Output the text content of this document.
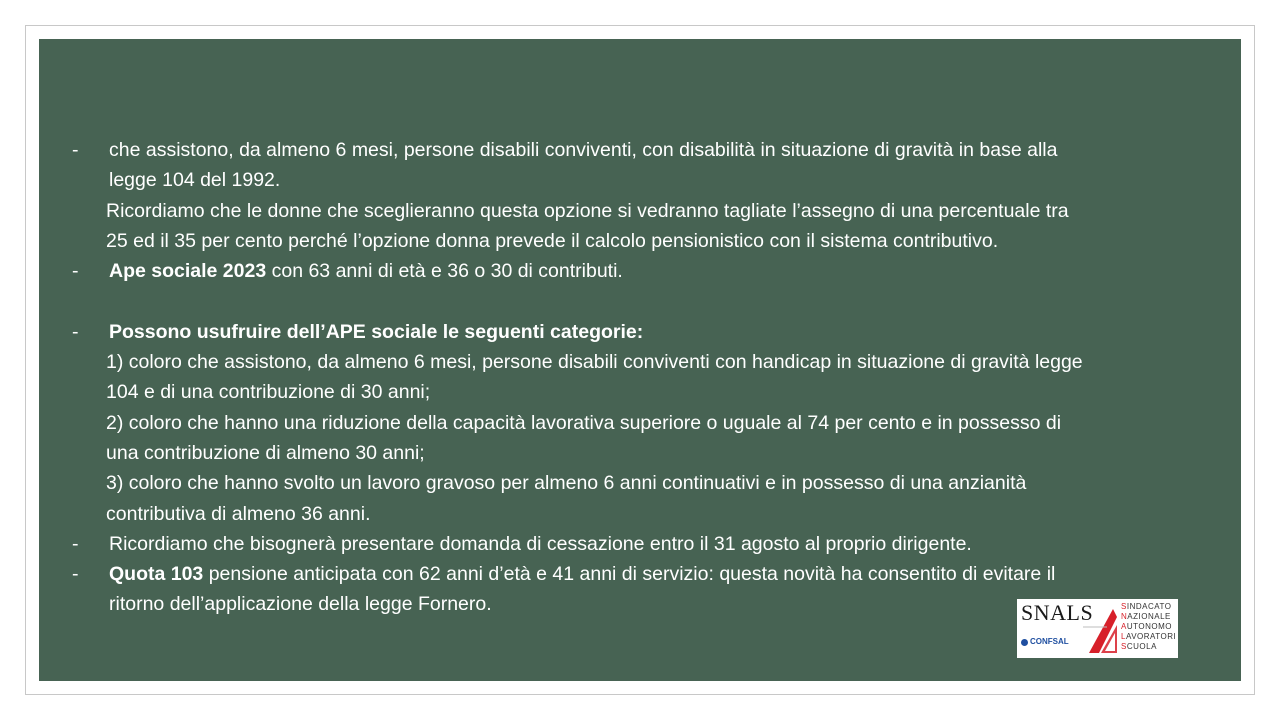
-	che assistono, da almeno 6 mesi, persone disabili conviventi, con disabilità in situazione di gravità in base alla
legge 104 del 1992.
Ricordiamo che le donne che sceglieranno questa opzione si vedranno tagliate l’assegno di una percentuale tra
25 ed il 35 per cento perché l’opzione donna prevede il calcolo pensionistico con il sistema contributivo.
-	Ape sociale 2023 con 63 anni di età e 36 o 30 di contributi.
-	Possono usufruire dell’APE sociale le seguenti categorie:
1) coloro che assistono, da almeno 6 mesi, persone disabili conviventi con handicap in situazione di gravità legge
104 e di una contribuzione di 30 anni;
2) coloro che hanno una riduzione della capacità lavorativa superiore o uguale al 74 per cento e in possesso di
una contribuzione di almeno 30 anni;
3) coloro che hanno svolto un lavoro gravoso per almeno 6 anni continuativi e in possesso di una anzianità
contributiva di almeno 36 anni.
-	Ricordiamo che bisognerà presentare domanda di cessazione entro il 31 agosto al proprio dirigente.
-	Quota 103 pensione anticipata con 62 anni d’età e 41 anni di servizio: questa novità ha consentito di evitare il
ritorno dell’applicazione della legge Fornero.	SNALS
CONFSAL
SINDACATO
NAZIONALE
AUTONOMO
LAVORATORI
SCUOLA
